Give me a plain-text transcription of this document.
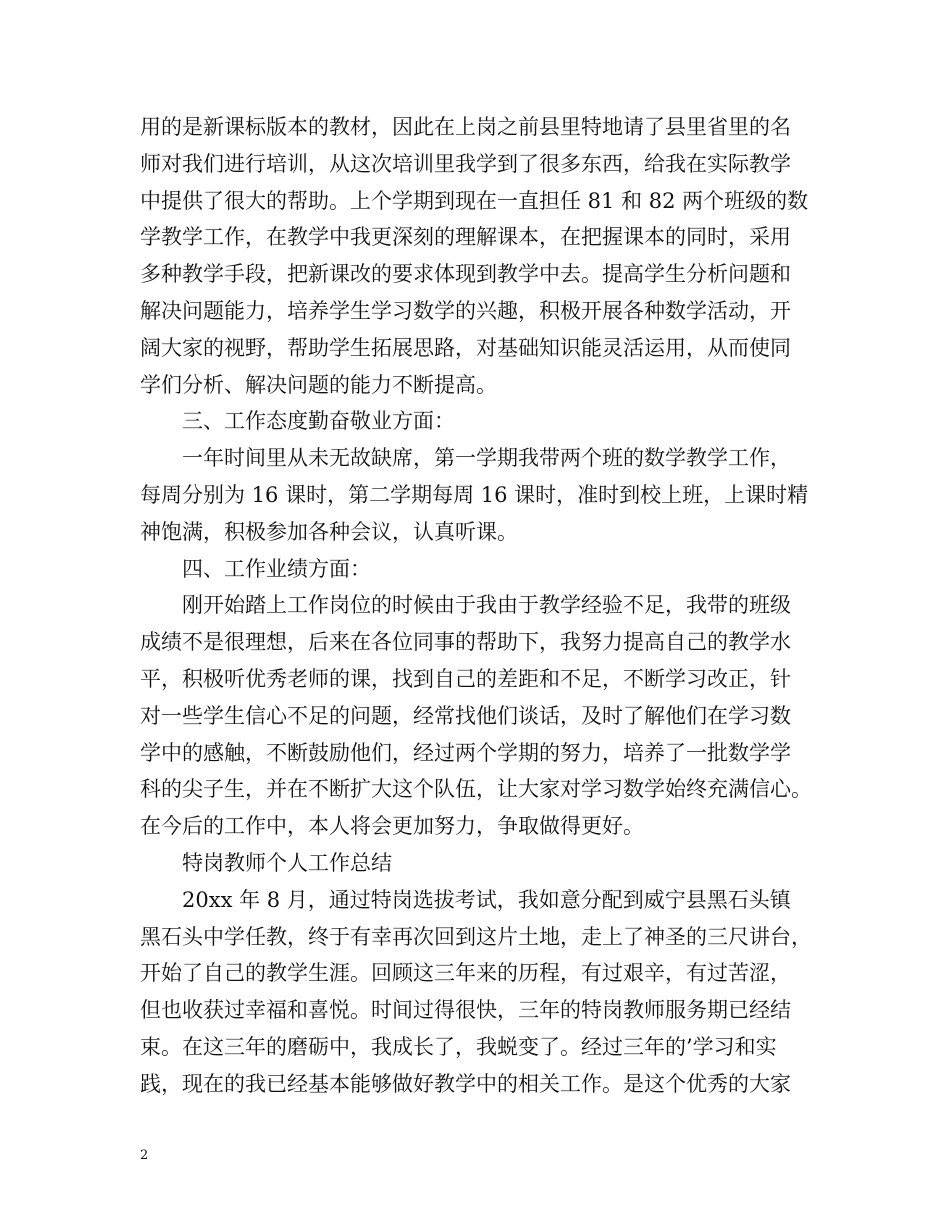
用的是新课标版本的教材，因此在上岗之前县里特地请了县里省里的名
师对我们进行培训，从这次培训里我学到了很多东西，给我在实际教学
中提供了很大的帮助。上个学期到现在一直担任 81 和 82 两个班级的数
学教学工作，在教学中我更深刻的理解课本，在把握课本的同时，采用
多种教学手段，把新课改的要求体现到教学中去。提高学生分析问题和
解决问题能力，培养学生学习数学的兴趣，积极开展各种数学活动，开
阔大家的视野，帮助学生拓展思路，对基础知识能灵活运用，从而使同
学们分析、解决问题的能力不断提高。
三、工作态度勤奋敬业方面：
一年时间里从未无故缺席，第一学期我带两个班的数学教学工作，
每周分别为 16 课时，第二学期每周 16 课时，准时到校上班，上课时精
神饱满，积极参加各种会议，认真听课。
四、工作业绩方面：
刚开始踏上工作岗位的时候由于我由于教学经验不足，我带的班级
成绩不是很理想，后来在各位同事的帮助下，我努力提高自己的教学水
平，积极听优秀老师的课，找到自己的差距和不足，不断学习改正，针
对一些学生信心不足的问题，经常找他们谈话，及时了解他们在学习数
学中的感触，不断鼓励他们，经过两个学期的努力，培养了一批数学学
科的尖子生，并在不断扩大这个队伍，让大家对学习数学始终充满信心。
在今后的工作中，本人将会更加努力，争取做得更好。
特岗教师个人工作总结
20xx 年 8 月，通过特岗选拔考试，我如意分配到威宁县黑石头镇
黑石头中学任教，终于有幸再次回到这片土地，走上了神圣的三尺讲台，
开始了自己的教学生涯。回顾这三年来的历程，有过艰辛，有过苦涩，
但也收获过幸福和喜悦。时间过得很快，三年的特岗教师服务期已经结
束。在这三年的磨砺中，我成长了，我蜕变了。经过三年的’学习和实
践，现在的我已经基本能够做好教学中的相关工作。是这个优秀的大家
2
